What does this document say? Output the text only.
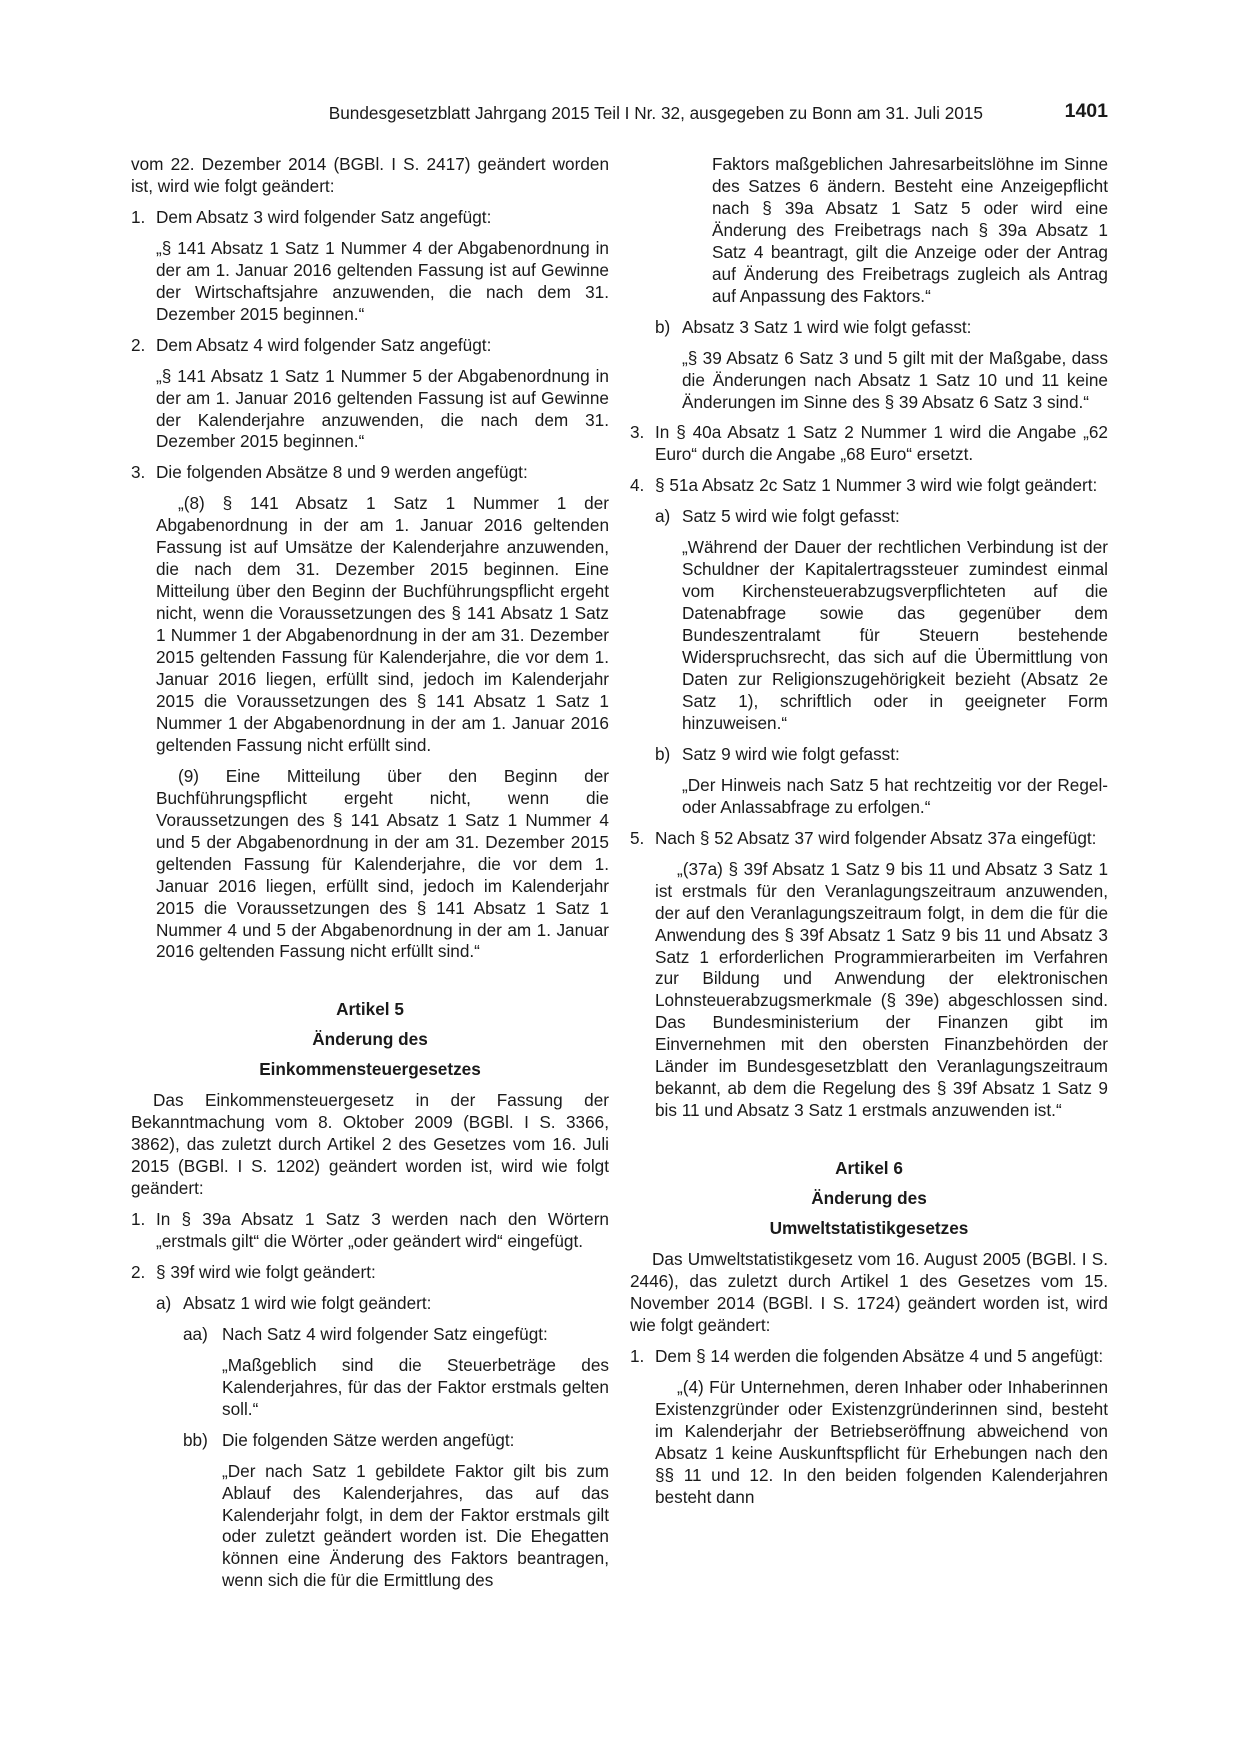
Bundesgesetzblatt Jahrgang 2015 Teil I Nr. 32, ausgegeben zu Bonn am 31. Juli 2015	1401

vom 22. Dezember 2014 (BGBl. I S. 2417) geändert worden ist, wird wie folgt geändert:

1. Dem Absatz 3 wird folgender Satz angefügt:

„§ 141 Absatz 1 Satz 1 Nummer 4 der Abgabenordnung in der am 1. Januar 2016 geltenden Fassung ist auf Gewinne der Wirtschaftsjahre anzuwenden, die nach dem 31. Dezember 2015 beginnen.“

2. Dem Absatz 4 wird folgender Satz angefügt:

„§ 141 Absatz 1 Satz 1 Nummer 5 der Abgabenordnung in der am 1. Januar 2016 geltenden Fassung ist auf Gewinne der Kalenderjahre anzuwenden, die nach dem 31. Dezember 2015 beginnen.“

3. Die folgenden Absätze 8 und 9 werden angefügt:

„(8) § 141 Absatz 1 Satz 1 Nummer 1 der Abgabenordnung in der am 1. Januar 2016 geltenden Fassung ist auf Umsätze der Kalenderjahre anzuwenden, die nach dem 31. Dezember 2015 beginnen. Eine Mitteilung über den Beginn der Buchführungspflicht ergeht nicht, wenn die Voraussetzungen des § 141 Absatz 1 Satz 1 Nummer 1 der Abgabenordnung in der am 31. Dezember 2015 geltenden Fassung für Kalenderjahre, die vor dem 1. Januar 2016 liegen, erfüllt sind, jedoch im Kalenderjahr 2015 die Voraussetzungen des § 141 Absatz 1 Satz 1 Nummer 1 der Abgabenordnung in der am 1. Januar 2016 geltenden Fassung nicht erfüllt sind.

(9) Eine Mitteilung über den Beginn der Buchführungspflicht ergeht nicht, wenn die Voraussetzungen des § 141 Absatz 1 Satz 1 Nummer 4 und 5 der Abgabenordnung in der am 31. Dezember 2015 geltenden Fassung für Kalenderjahre, die vor dem 1. Januar 2016 liegen, erfüllt sind, jedoch im Kalenderjahr 2015 die Voraussetzungen des § 141 Absatz 1 Satz 1 Nummer 4 und 5 der Abgabenordnung in der am 1. Januar 2016 geltenden Fassung nicht erfüllt sind.“

Artikel 5
Änderung des
Einkommensteuergesetzes

Das Einkommensteuergesetz in der Fassung der Bekanntmachung vom 8. Oktober 2009 (BGBl. I S. 3366, 3862), das zuletzt durch Artikel 2 des Gesetzes vom 16. Juli 2015 (BGBl. I S. 1202) geändert worden ist, wird wie folgt geändert:

1. In § 39a Absatz 1 Satz 3 werden nach den Wörtern „erstmals gilt“ die Wörter „oder geändert wird“ eingefügt.
2. § 39f wird wie folgt geändert:
a) Absatz 1 wird wie folgt geändert:
aa) Nach Satz 4 wird folgender Satz eingefügt:

„Maßgeblich sind die Steuerbeträge des Kalenderjahres, für das der Faktor erstmals gelten soll.“

bb) Die folgenden Sätze werden angefügt:

„Der nach Satz 1 gebildete Faktor gilt bis zum Ablauf des Kalenderjahres, das auf das Kalenderjahr folgt, in dem der Faktor erstmals gilt oder zuletzt geändert worden ist. Die Ehegatten können eine Änderung des Faktors beantragen, wenn sich die für die Ermittlung des

Faktors maßgeblichen Jahresarbeitslöhne im Sinne des Satzes 6 ändern. Besteht eine Anzeigepflicht nach § 39a Absatz 1 Satz 5 oder wird eine Änderung des Freibetrags nach § 39a Absatz 1 Satz 4 beantragt, gilt die Anzeige oder der Antrag auf Änderung des Freibetrags zugleich als Antrag auf Anpassung des Faktors.“

b) Absatz 3 Satz 1 wird wie folgt gefasst:

„§ 39 Absatz 6 Satz 3 und 5 gilt mit der Maßgabe, dass die Änderungen nach Absatz 1 Satz 10 und 11 keine Änderungen im Sinne des § 39 Absatz 6 Satz 3 sind.“

3. In § 40a Absatz 1 Satz 2 Nummer 1 wird die Angabe „62 Euro“ durch die Angabe „68 Euro“ ersetzt.
4. § 51a Absatz 2c Satz 1 Nummer 3 wird wie folgt geändert:
a) Satz 5 wird wie folgt gefasst:

„Während der Dauer der rechtlichen Verbindung ist der Schuldner der Kapitalertragssteuer zumindest einmal vom Kirchensteuerabzugsverpflichteten auf die Datenabfrage sowie das gegenüber dem Bundeszentralamt für Steuern bestehende Widerspruchsrecht, das sich auf die Übermittlung von Daten zur Religionszugehörigkeit bezieht (Absatz 2e Satz 1), schriftlich oder in geeigneter Form hinzuweisen.“

b) Satz 9 wird wie folgt gefasst:

„Der Hinweis nach Satz 5 hat rechtzeitig vor der Regel- oder Anlassabfrage zu erfolgen.“

5. Nach § 52 Absatz 37 wird folgender Absatz 37a eingefügt:

„(37a) § 39f Absatz 1 Satz 9 bis 11 und Absatz 3 Satz 1 ist erstmals für den Veranlagungszeitraum anzuwenden, der auf den Veranlagungszeitraum folgt, in dem die für die Anwendung des § 39f Absatz 1 Satz 9 bis 11 und Absatz 3 Satz 1 erforderlichen Programmierarbeiten im Verfahren zur Bildung und Anwendung der elektronischen Lohnsteuerabzugsmerkmale (§ 39e) abgeschlossen sind. Das Bundesministerium der Finanzen gibt im Einvernehmen mit den obersten Finanzbehörden der Länder im Bundesgesetzblatt den Veranlagungszeitraum bekannt, ab dem die Regelung des § 39f Absatz 1 Satz 9 bis 11 und Absatz 3 Satz 1 erstmals anzuwenden ist.“

Artikel 6
Änderung des
Umweltstatistikgesetzes

Das Umweltstatistikgesetz vom 16. August 2005 (BGBl. I S. 2446), das zuletzt durch Artikel 1 des Gesetzes vom 15. November 2014 (BGBl. I S. 1724) geändert worden ist, wird wie folgt geändert:

1. Dem § 14 werden die folgenden Absätze 4 und 5 angefügt:

„(4) Für Unternehmen, deren Inhaber oder Inhaberinnen Existenzgründer oder Existenzgründerinnen sind, besteht im Kalenderjahr der Betriebseröffnung abweichend von Absatz 1 keine Auskunftspflicht für Erhebungen nach den §§ 11 und 12. In den beiden folgenden Kalenderjahren besteht dann
